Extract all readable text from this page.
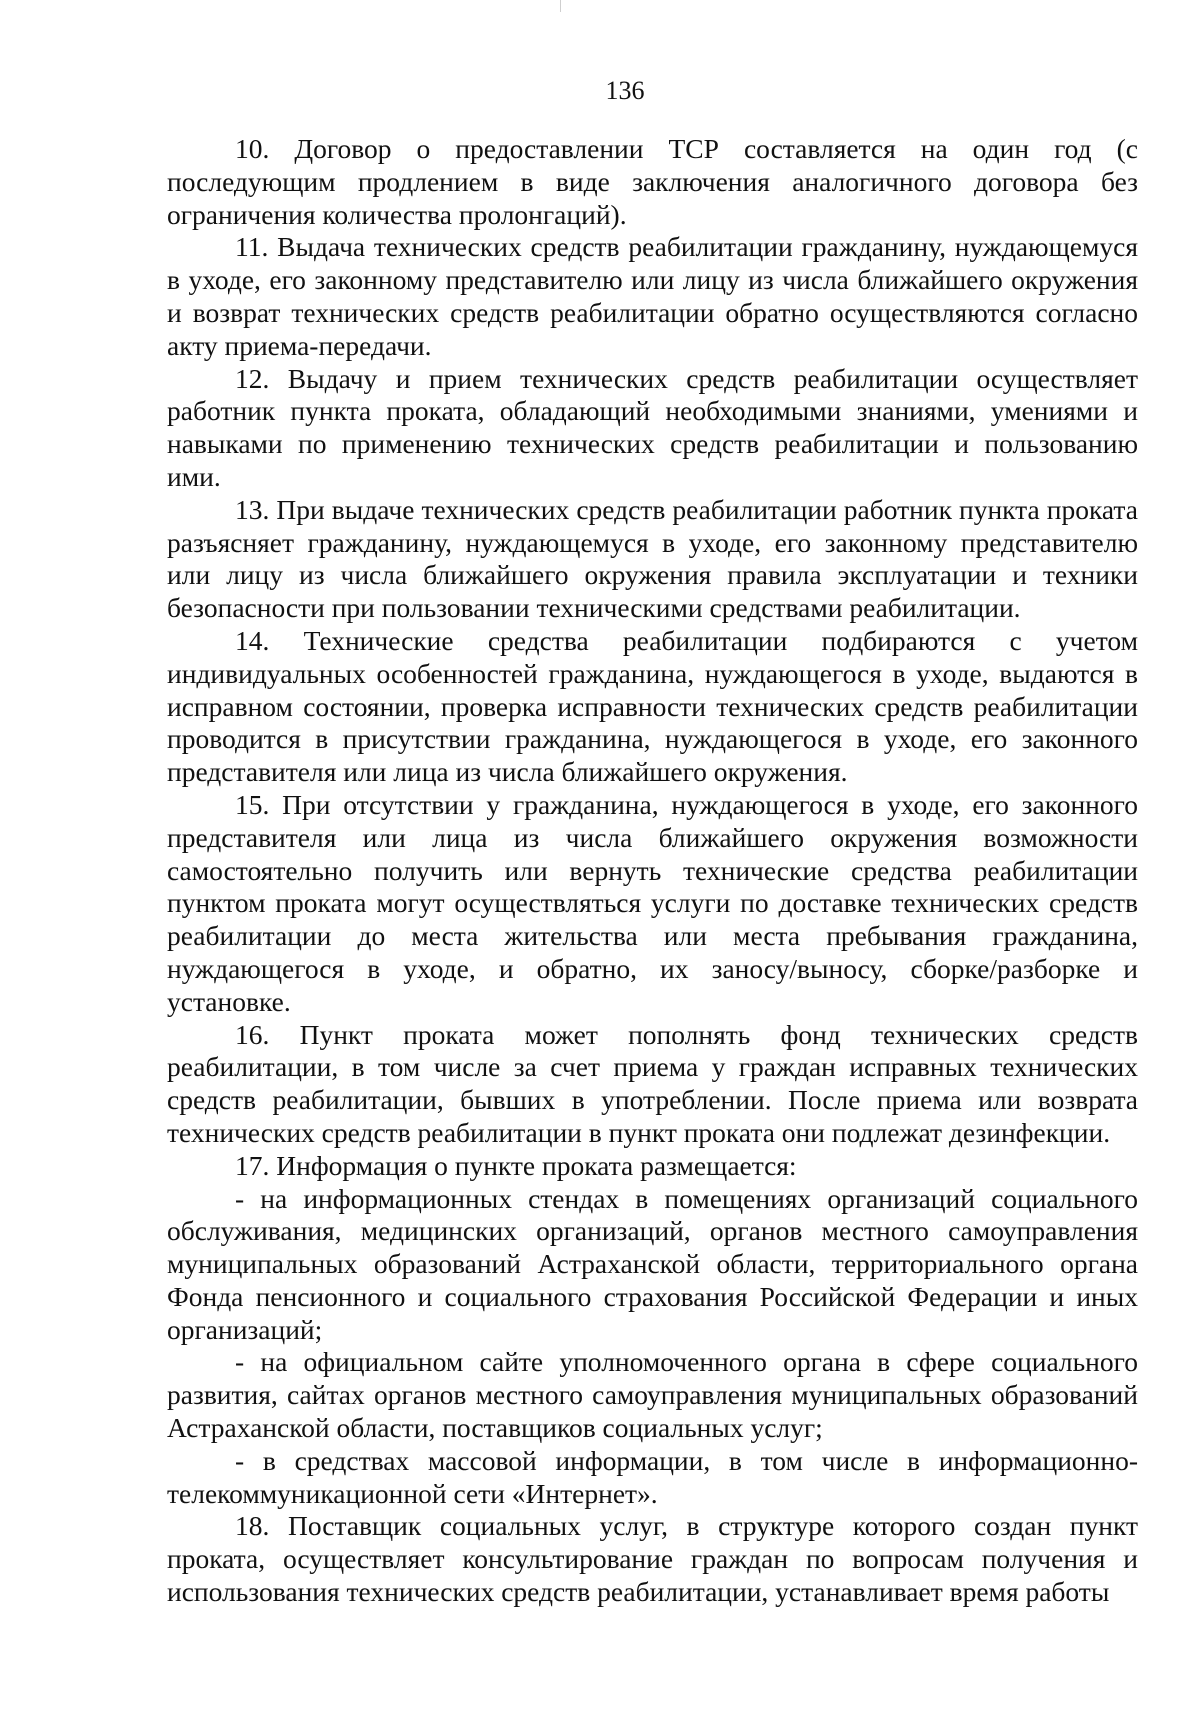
136

10. Договор о предоставлении ТСР составляется на один год (с последующим продлением в виде заключения аналогичного договора без ограничения количества пролонгаций).

11. Выдача технических средств реабилитации гражданину, нуждающемуся в уходе, его законному представителю или лицу из числа ближайшего окружения и возврат технических средств реабилитации обратно осуществляются согласно акту приема-передачи.

12. Выдачу и прием технических средств реабилитации осуществляет работник пункта проката, обладающий необходимыми знаниями, умениями и навыками по применению технических средств реабилитации и пользованию ими.

13. При выдаче технических средств реабилитации работник пункта проката разъясняет гражданину, нуждающемуся в уходе, его законному представителю или лицу из числа ближайшего окружения правила эксплуатации и техники безопасности при пользовании техническими средствами реабилитации.

14. Технические средства реабилитации подбираются с учетом индивидуальных особенностей гражданина, нуждающегося в уходе, выдаются в исправном состоянии, проверка исправности технических средств реабилитации проводится в присутствии гражданина, нуждающегося в уходе, его законного представителя или лица из числа ближайшего окружения.

15. При отсутствии у гражданина, нуждающегося в уходе, его законного представителя или лица из числа ближайшего окружения возможности самостоятельно получить или вернуть технические средства реабилитации пунктом проката могут осуществляться услуги по доставке технических средств реабилитации до места жительства или места пребывания гражданина, нуждающегося в уходе, и обратно, их заносу/выносу, сборке/разборке и установке.

16. Пункт проката может пополнять фонд технических средств реабилитации, в том числе за счет приема у граждан исправных технических средств реабилитации, бывших в употреблении. После приема или возврата технических средств реабилитации в пункт проката они подлежат дезинфекции.

17. Информация о пункте проката размещается:

- на информационных стендах в помещениях организаций социального обслуживания, медицинских организаций, органов местного самоуправления муниципальных образований Астраханской области, территориального органа Фонда пенсионного и социального страхования Российской Федерации и иных организаций;

- на официальном сайте уполномоченного органа в сфере социального развития, сайтах органов местного самоуправления муниципальных образований Астраханской области, поставщиков социальных услуг;

- в средствах массовой информации, в том числе в информационно-телекоммуникационной сети «Интернет».

18. Поставщик социальных услуг, в структуре которого создан пункт проката, осуществляет консультирование граждан по вопросам получения и использования технических средств реабилитации, устанавливает время работы
